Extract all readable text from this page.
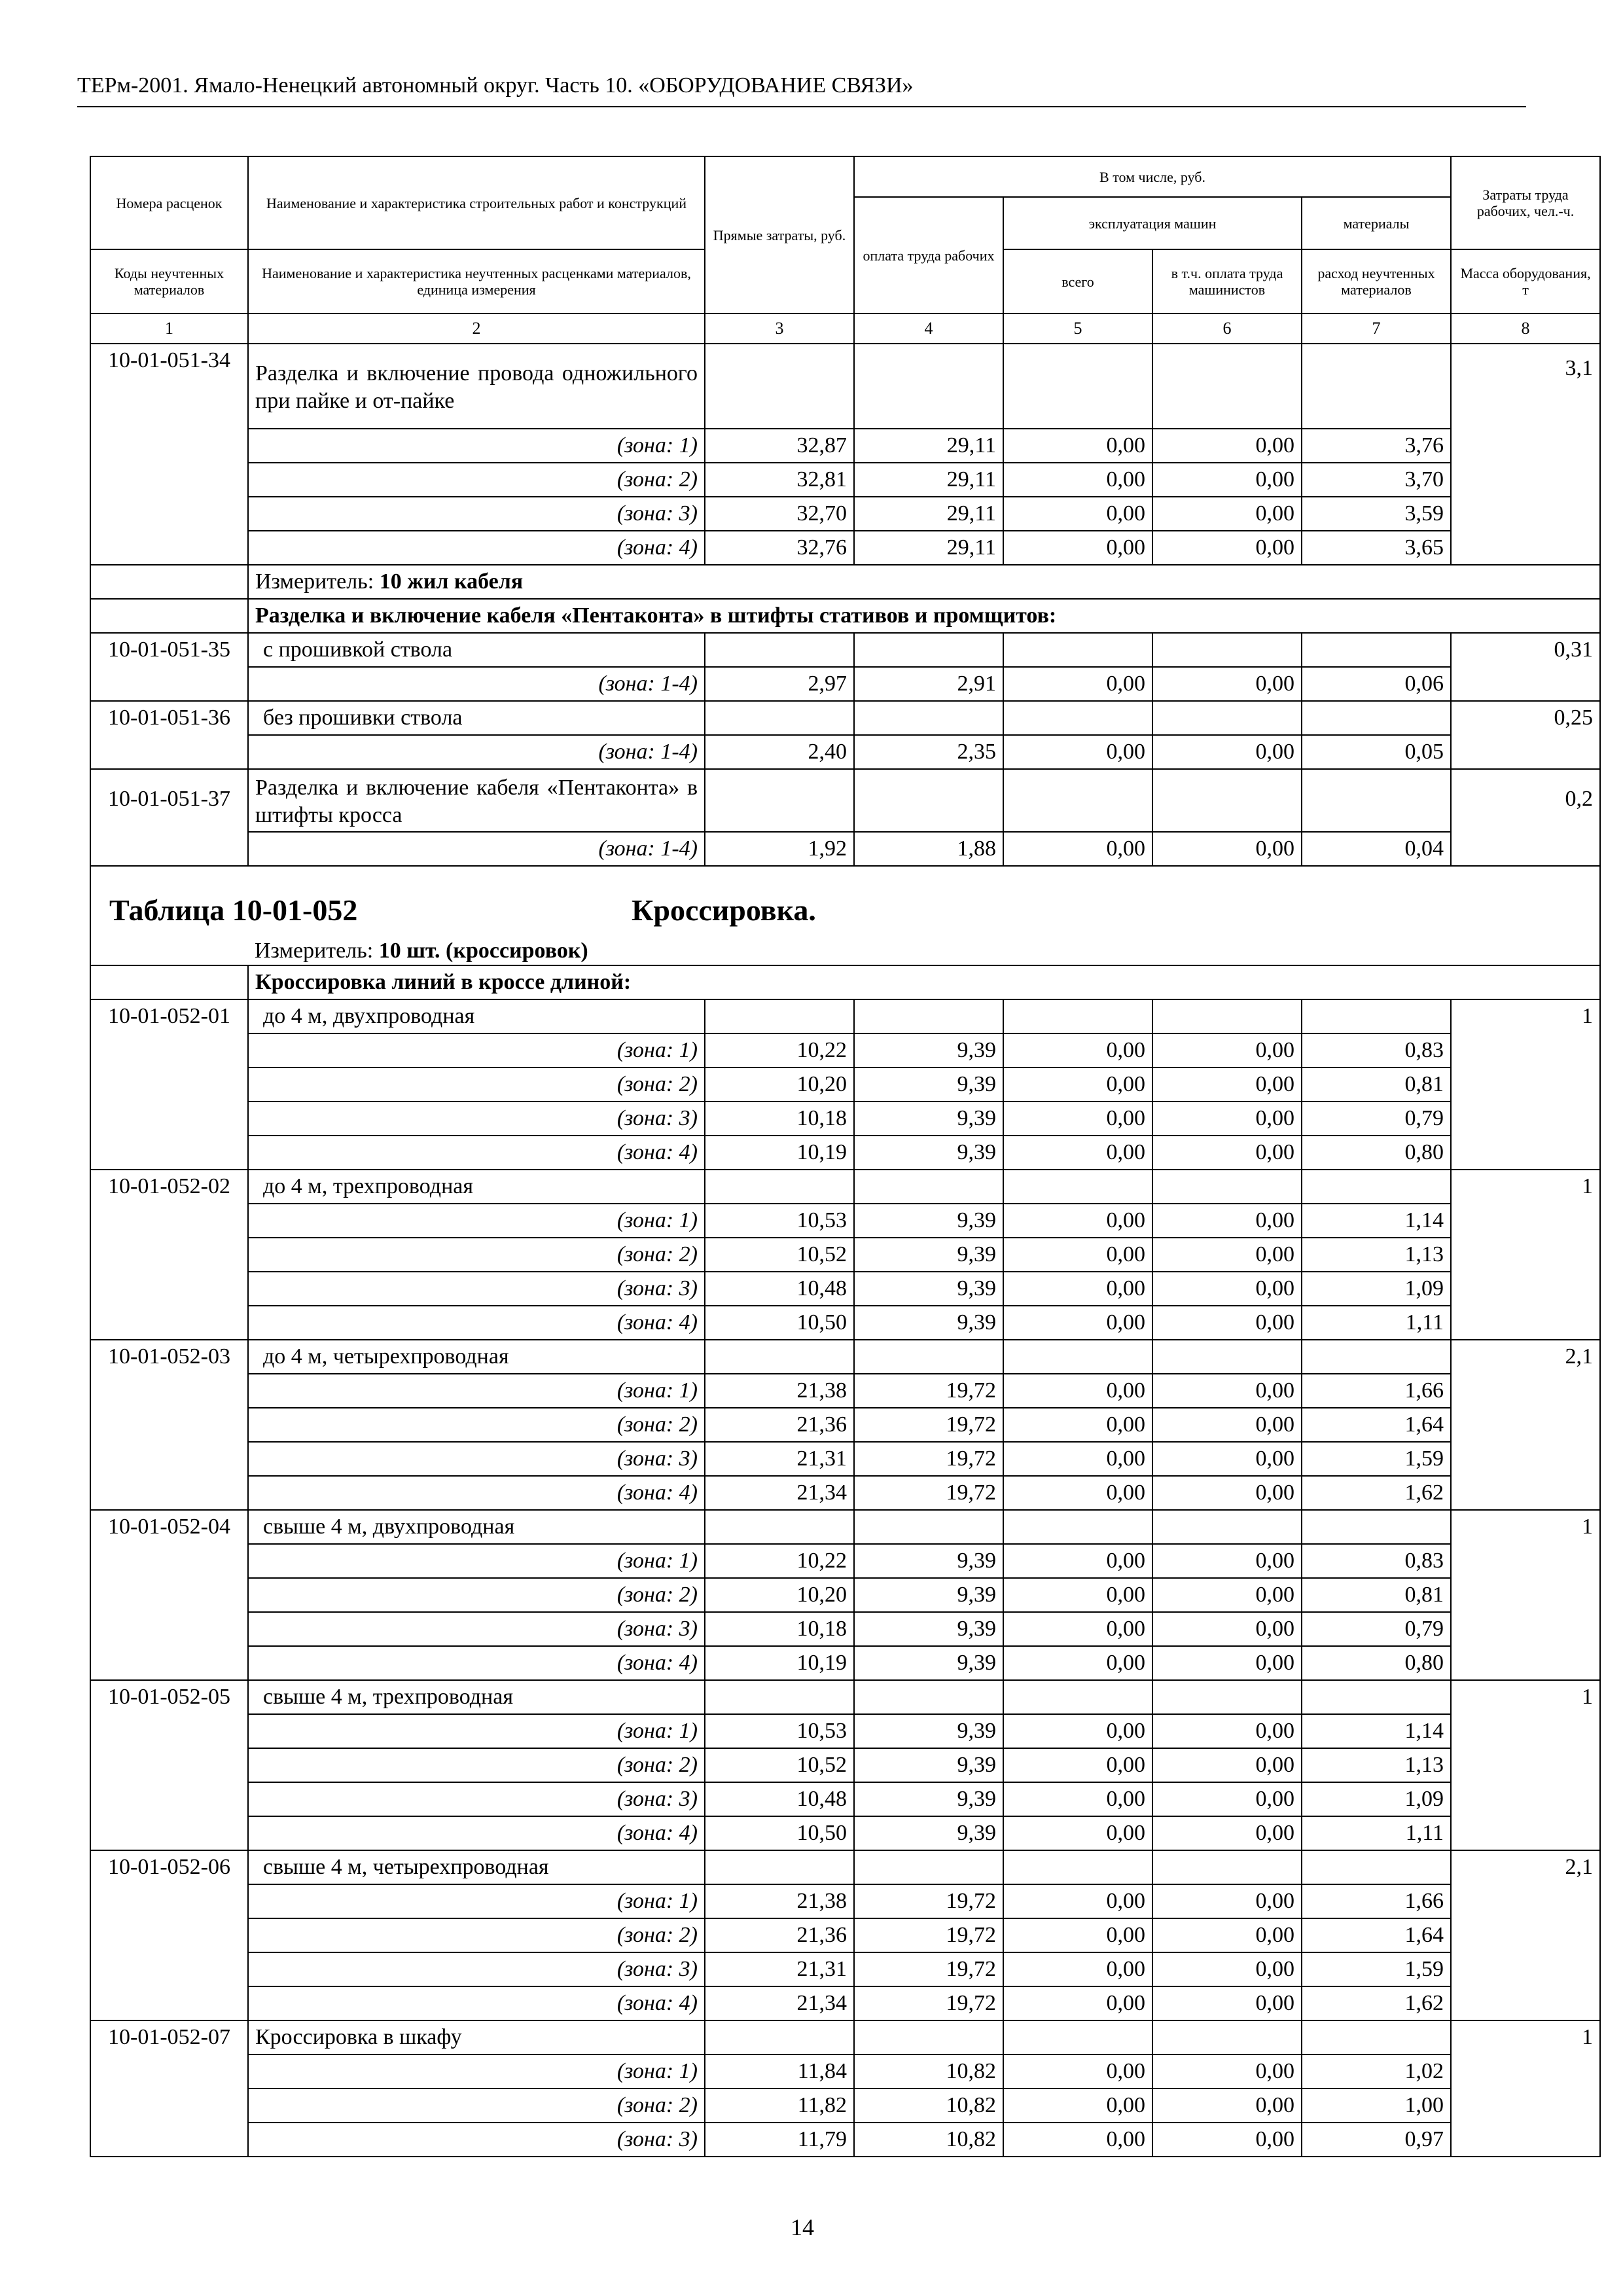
ТЕРм-2001. Ямало-Ненецкий автономный округ. Часть 10. «ОБОРУДОВАНИЕ СВЯЗИ»
Номера расценок	Наименование и характеристика строительных работ и конструкций	Прямые затраты, руб.	В том числе, руб.				Затраты труда рабочих, чел.-ч.
			оплата труда рабочих	эксплуатация машин		материалы	
Коды неучтенных материалов	Наименование и характеристика неучтенных расценками материалов, единица измерения			всего	в т.ч. оплата труда машинистов	расход неучтенных материалов	Масса оборудования, т
1	2	3	4	5	6	7	8
10-01-051-34	Разделка и включение провода одножильного при пайке и от-пайке						3,1
	(зона: 1)	32,87	29,11	0,00	0,00	3,76	
	(зона: 2)	32,81	29,11	0,00	0,00	3,70	
	(зона: 3)	32,70	29,11	0,00	0,00	3,59	
	(зона: 4)	32,76	29,11	0,00	0,00	3,65	
	Измеритель: 10 жил кабеля						
	Разделка и включение кабеля «Пентаконта» в штифты стативов и промщитов:						
10-01-051-35	с прошивкой ствола						0,31
	(зона: 1-4)	2,97	2,91	0,00	0,00	0,06	
10-01-051-36	без прошивки ствола						0,25
	(зона: 1-4)	2,40	2,35	0,00	0,00	0,05	
10-01-051-37	Разделка и включение кабеля «Пентаконта» в штифты кросса						0,2
	(зона: 1-4)	1,92	1,88	0,00	0,00	0,04	

Таблица 10-01-052 Кроссировка.
Измеритель: 10 шт. (кроссировок)							

	Кроссировка линий в кроссе длиной:						
10-01-052-01	до 4 м, двухпроводная						1
	(зона: 1)	10,22	9,39	0,00	0,00	0,83	
	(зона: 2)	10,20	9,39	0,00	0,00	0,81	
	(зона: 3)	10,18	9,39	0,00	0,00	0,79	
	(зона: 4)	10,19	9,39	0,00	0,00	0,80	
10-01-052-02	до 4 м, трехпроводная						1
	(зона: 1)	10,53	9,39	0,00	0,00	1,14	
	(зона: 2)	10,52	9,39	0,00	0,00	1,13	
	(зона: 3)	10,48	9,39	0,00	0,00	1,09	
	(зона: 4)	10,50	9,39	0,00	0,00	1,11	
10-01-052-03	до 4 м, четырехпроводная						2,1
	(зона: 1)	21,38	19,72	0,00	0,00	1,66	
	(зона: 2)	21,36	19,72	0,00	0,00	1,64	
	(зона: 3)	21,31	19,72	0,00	0,00	1,59	
	(зона: 4)	21,34	19,72	0,00	0,00	1,62	
10-01-052-04	свыше 4 м, двухпроводная						1
	(зона: 1)	10,22	9,39	0,00	0,00	0,83	
	(зона: 2)	10,20	9,39	0,00	0,00	0,81	
	(зона: 3)	10,18	9,39	0,00	0,00	0,79	
	(зона: 4)	10,19	9,39	0,00	0,00	0,80	
10-01-052-05	свыше 4 м, трехпроводная						1
	(зона: 1)	10,53	9,39	0,00	0,00	1,14	
	(зона: 2)	10,52	9,39	0,00	0,00	1,13	
	(зона: 3)	10,48	9,39	0,00	0,00	1,09	
	(зона: 4)	10,50	9,39	0,00	0,00	1,11	
10-01-052-06	свыше 4 м, четырехпроводная						2,1
	(зона: 1)	21,38	19,72	0,00	0,00	1,66	
	(зона: 2)	21,36	19,72	0,00	0,00	1,64	
	(зона: 3)	21,31	19,72	0,00	0,00	1,59	
	(зона: 4)	21,34	19,72	0,00	0,00	1,62	
10-01-052-07	Кроссировка в шкафу						1
	(зона: 1)	11,84	10,82	0,00	0,00	1,02	
	(зона: 2)	11,82	10,82	0,00	0,00	1,00	
	(зона: 3)	11,79	10,82	0,00	0,00	0,97	
14
